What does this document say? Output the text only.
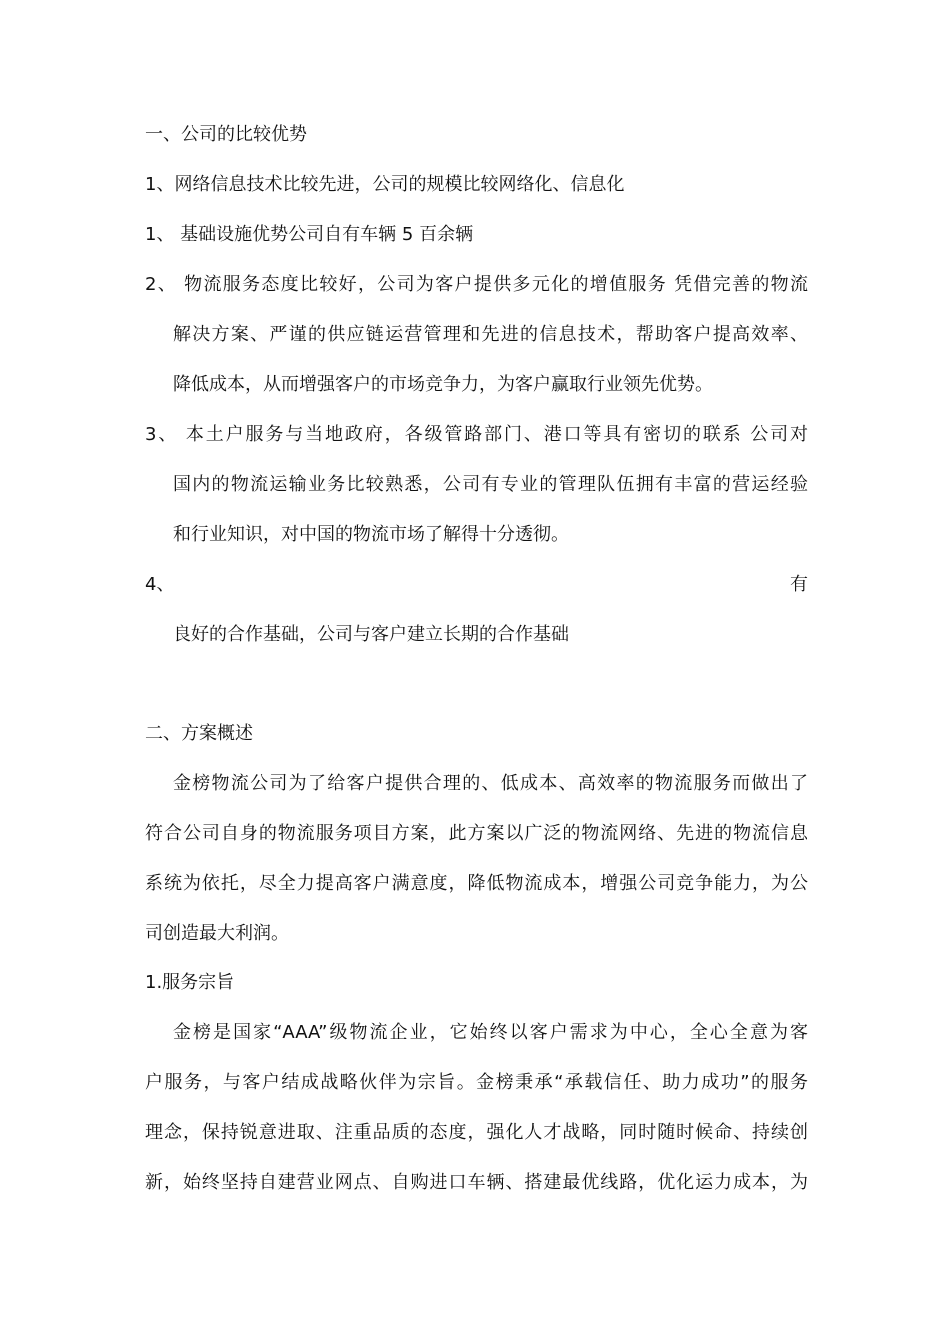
一、公司的比较优势
1、网络信息技术比较先进，公司的规模比较网络化、信息化
1、 基础设施优势公司自有车辆 5 百余辆
2、 物流服务态度比较好，公司为客户提供多元化的增值服务 凭借完善的物流
解决方案、严谨的供应链运营管理和先进的信息技术，帮助客户提高效率、
降低成本，从而增强客户的市场竞争力，为客户赢取行业领先优势。
3、 本土户服务与当地政府，各级管路部门、港口等具有密切的联系 公司对
国内的物流运输业务比较熟悉，公司有专业的管理队伍拥有丰富的营运经验
和行业知识，对中国的物流市场了解得十分透彻。
4、	有
良好的合作基础，公司与客户建立长期的合作基础
二、方案概述
金榜物流公司为了给客户提供合理的、低成本、高效率的物流服务而做出了
符合公司自身的物流服务项目方案，此方案以广泛的物流网络、先进的物流信息
系统为依托，尽全力提高客户满意度，降低物流成本，增强公司竞争能力，为公
司创造最大利润。
1.服务宗旨
金榜是国家“AAA”级物流企业，它始终以客户需求为中心，全心全意为客
户服务，与客户结成战略伙伴为宗旨。金榜秉承“承载信任、助力成功”的服务
理念，保持锐意进取、注重品质的态度，强化人才战略，同时随时候命、持续创
新，始终坚持自建营业网点、自购进口车辆、搭建最优线路，优化运力成本，为
